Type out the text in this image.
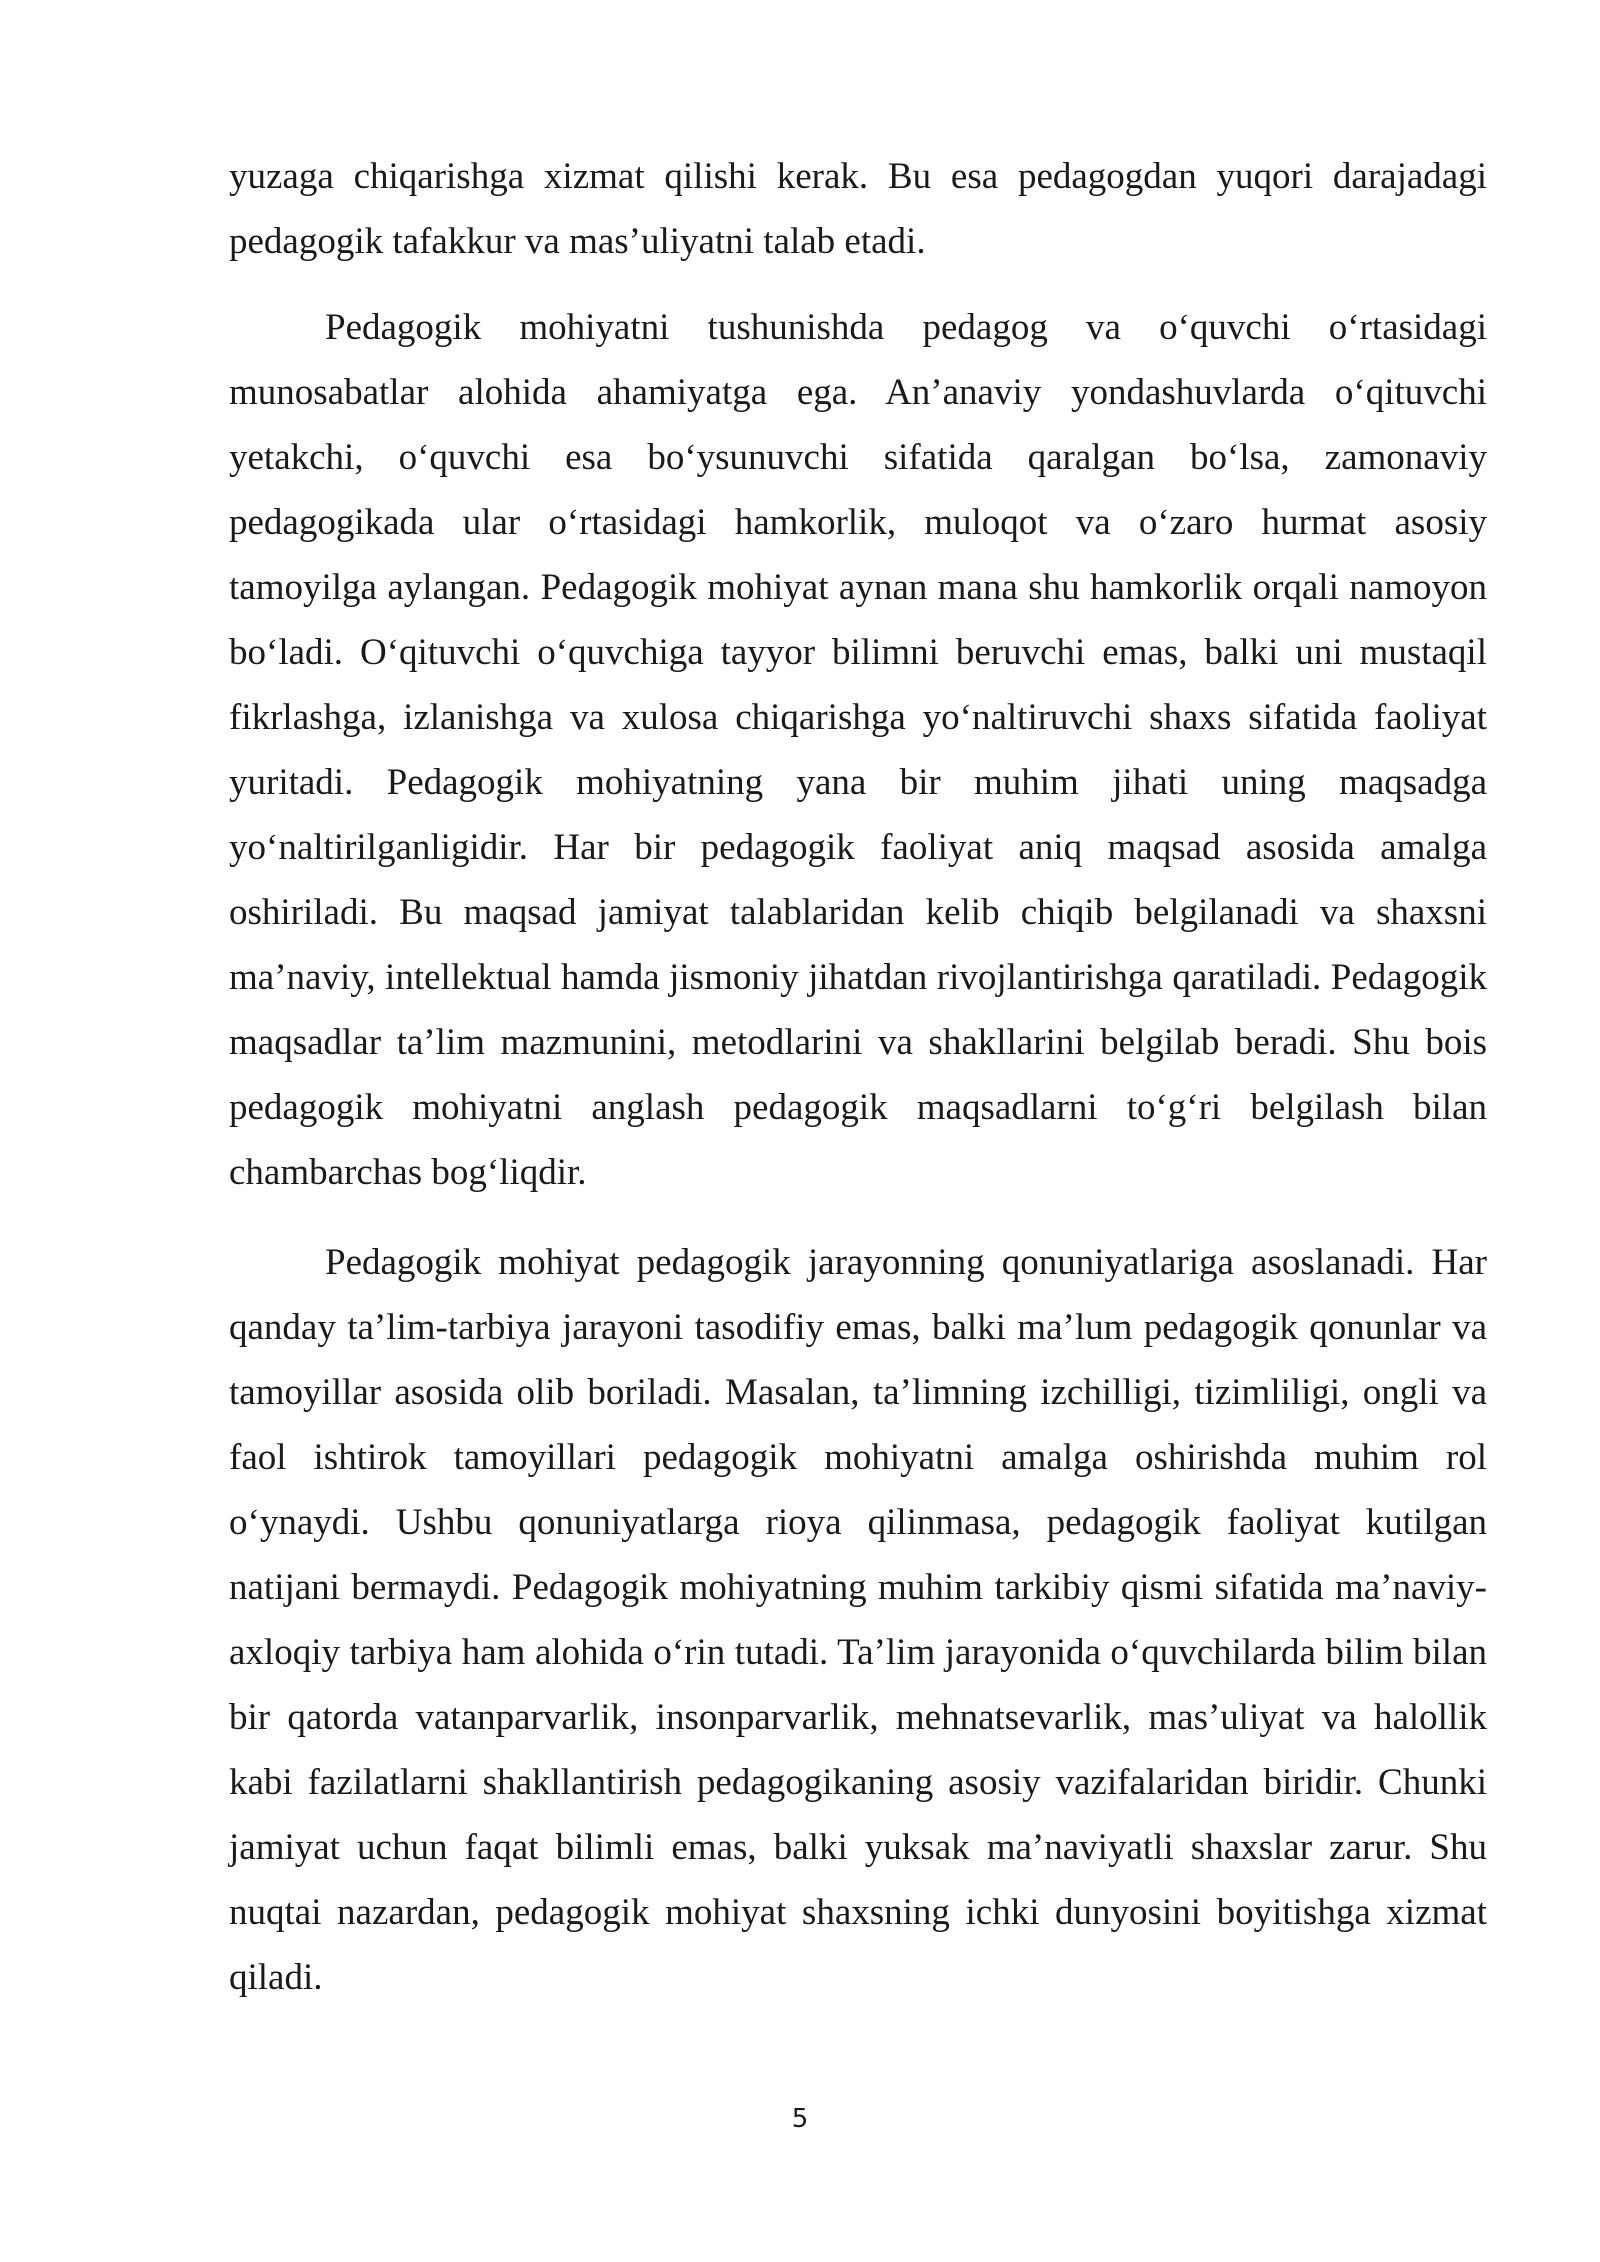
yuzaga chiqarishga xizmat qilishi kerak. Bu esa pedagogdan yuqori darajadagi pedagogik tafakkur va mas’uliyatni talab etadi.

Pedagogik mohiyatni tushunishda pedagog va o‘quvchi o‘rtasidagi munosabatlar alohida ahamiyatga ega. An’anaviy yondashuvlarda o‘qituvchi yetakchi, o‘quvchi esa bo‘ysunuvchi sifatida qaralgan bo‘lsa, zamonaviy pedagogikada ular o‘rtasidagi hamkorlik, muloqot va o‘zaro hurmat asosiy tamoyilga aylangan. Pedagogik mohiyat aynan mana shu hamkorlik orqali namoyon bo‘ladi. O‘qituvchi o‘quvchiga tayyor bilimni beruvchi emas, balki uni mustaqil fikrlashga, izlanishga va xulosa chiqarishga yo‘naltiruvchi shaxs sifatida faoliyat yuritadi. Pedagogik mohiyatning yana bir muhim jihati uning maqsadga yo‘naltirilganligidir. Har bir pedagogik faoliyat aniq maqsad asosida amalga oshiriladi. Bu maqsad jamiyat talablaridan kelib chiqib belgilanadi va shaxsni ma’naviy, intellektual hamda jismoniy jihatdan rivojlantirishga qaratiladi. Pedagogik maqsadlar ta’lim mazmunini, metodlarini va shakllarini belgilab beradi. Shu bois pedagogik mohiyatni anglash pedagogik maqsadlarni to‘g‘ri belgilash bilan chambarchas bog‘liqdir.

Pedagogik mohiyat pedagogik jarayonning qonuniyatlariga asoslanadi. Har qanday ta’lim-tarbiya jarayoni tasodifiy emas, balki ma’lum pedagogik qonunlar va tamoyillar asosida olib boriladi. Masalan, ta’limning izchilligi, tizimliligi, ongli va faol ishtirok tamoyillari pedagogik mohiyatni amalga oshirishda muhim rol o‘ynaydi. Ushbu qonuniyatlarga rioya qilinmasa, pedagogik faoliyat kutilgan natijani bermaydi. Pedagogik mohiyatning muhim tarkibiy qismi sifatida ma’naviy-axloqiy tarbiya ham alohida o‘rin tutadi. Ta’lim jarayonida o‘quvchilarda bilim bilan bir qatorda vatanparvarlik, insonparvarlik, mehnatsevarlik, mas’uliyat va halollik kabi fazilatlarni shakllantirish pedagogikaning asosiy vazifalaridan biridir. Chunki jamiyat uchun faqat bilimli emas, balki yuksak ma’naviyatli shaxslar zarur. Shu nuqtai nazardan, pedagogik mohiyat shaxsning ichki dunyosini boyitishga xizmat qiladi.

5
